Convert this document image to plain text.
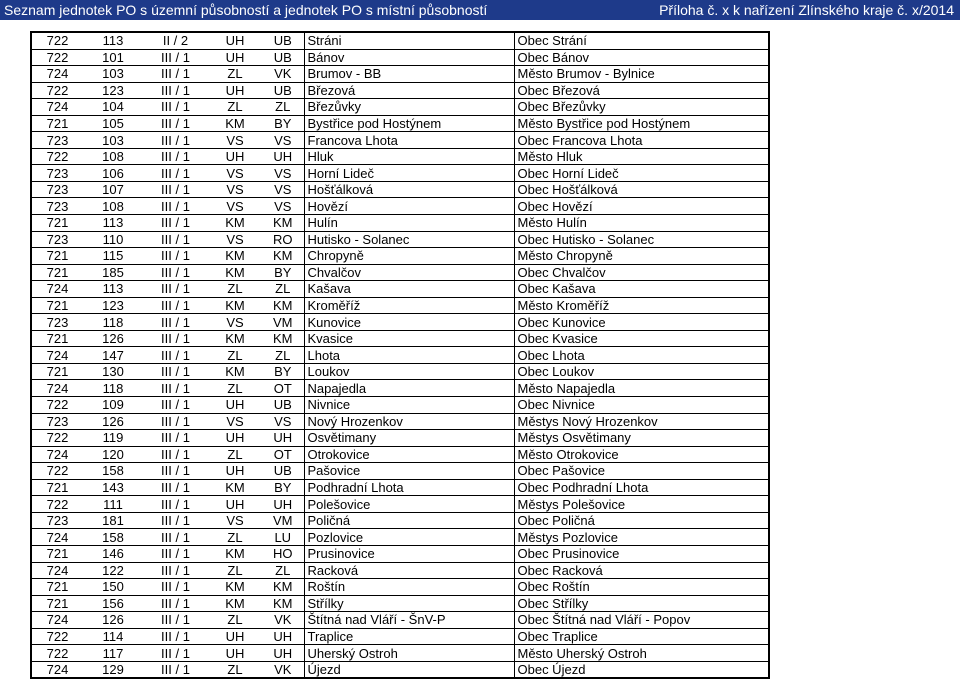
Seznam jednotek PO s územní působností a jednotek PO s místní působností	Příloha č. x k nařízení Zlínského kraje č. x/2014
722	113	II / 2	UH	UB	Stráni	Obec Strání
722	101	III / 1	UH	UB	Bánov	Obec Bánov
724	103	III / 1	ZL	VK	Brumov - BB	Město Brumov - Bylnice
722	123	III / 1	UH	UB	Březová	Obec Březová
724	104	III / 1	ZL	ZL	Březůvky	Obec Březůvky
721	105	III / 1	KM	BY	Bystřice pod Hostýnem	Město Bystřice pod Hostýnem
723	103	III / 1	VS	VS	Francova Lhota	Obec Francova Lhota
722	108	III / 1	UH	UH	Hluk	Město Hluk
723	106	III / 1	VS	VS	Horní Lideč	Obec Horní Lideč
723	107	III / 1	VS	VS	Hošťálková	Obec Hošťálková
723	108	III / 1	VS	VS	Hovězí	Obec Hovězí
721	113	III / 1	KM	KM	Hulín	Město Hulín
723	110	III / 1	VS	RO	Hutisko - Solanec	Obec Hutisko - Solanec
721	115	III / 1	KM	KM	Chropyně	Město Chropyně
721	185	III / 1	KM	BY	Chvalčov	Obec Chvalčov
724	113	III / 1	ZL	ZL	Kašava	Obec Kašava
721	123	III / 1	KM	KM	Kroměříž	Město Kroměříž
723	118	III / 1	VS	VM	Kunovice	Obec Kunovice
721	126	III / 1	KM	KM	Kvasice	Obec Kvasice
724	147	III / 1	ZL	ZL	Lhota	Obec Lhota
721	130	III / 1	KM	BY	Loukov	Obec Loukov
724	118	III / 1	ZL	OT	Napajedla	Město Napajedla
722	109	III / 1	UH	UB	Nivnice	Obec Nivnice
723	126	III / 1	VS	VS	Nový Hrozenkov	Městys Nový Hrozenkov
722	119	III / 1	UH	UH	Osvětimany	Městys Osvětimany
724	120	III / 1	ZL	OT	Otrokovice	Město Otrokovice
722	158	III / 1	UH	UB	Pašovice	Obec Pašovice
721	143	III / 1	KM	BY	Podhradní Lhota	Obec Podhradní Lhota
722	111	III / 1	UH	UH	Polešovice	Městys Polešovice
723	181	III / 1	VS	VM	Poličná	Obec Poličná
724	158	III / 1	ZL	LU	Pozlovice	Městys Pozlovice
721	146	III / 1	KM	HO	Prusinovice	Obec Prusinovice
724	122	III / 1	ZL	ZL	Racková	Obec Racková
721	150	III / 1	KM	KM	Roštín	Obec Roštín
721	156	III / 1	KM	KM	Střílky	Obec Střílky
724	126	III / 1	ZL	VK	Štítná nad Vláří - ŠnV-P	Obec Štítná nad Vláří - Popov
722	114	III / 1	UH	UH	Traplice	Obec Traplice
722	117	III / 1	UH	UH	Uherský Ostroh	Město Uherský Ostroh
724	129	III / 1	ZL	VK	Újezd	Obec Újezd
